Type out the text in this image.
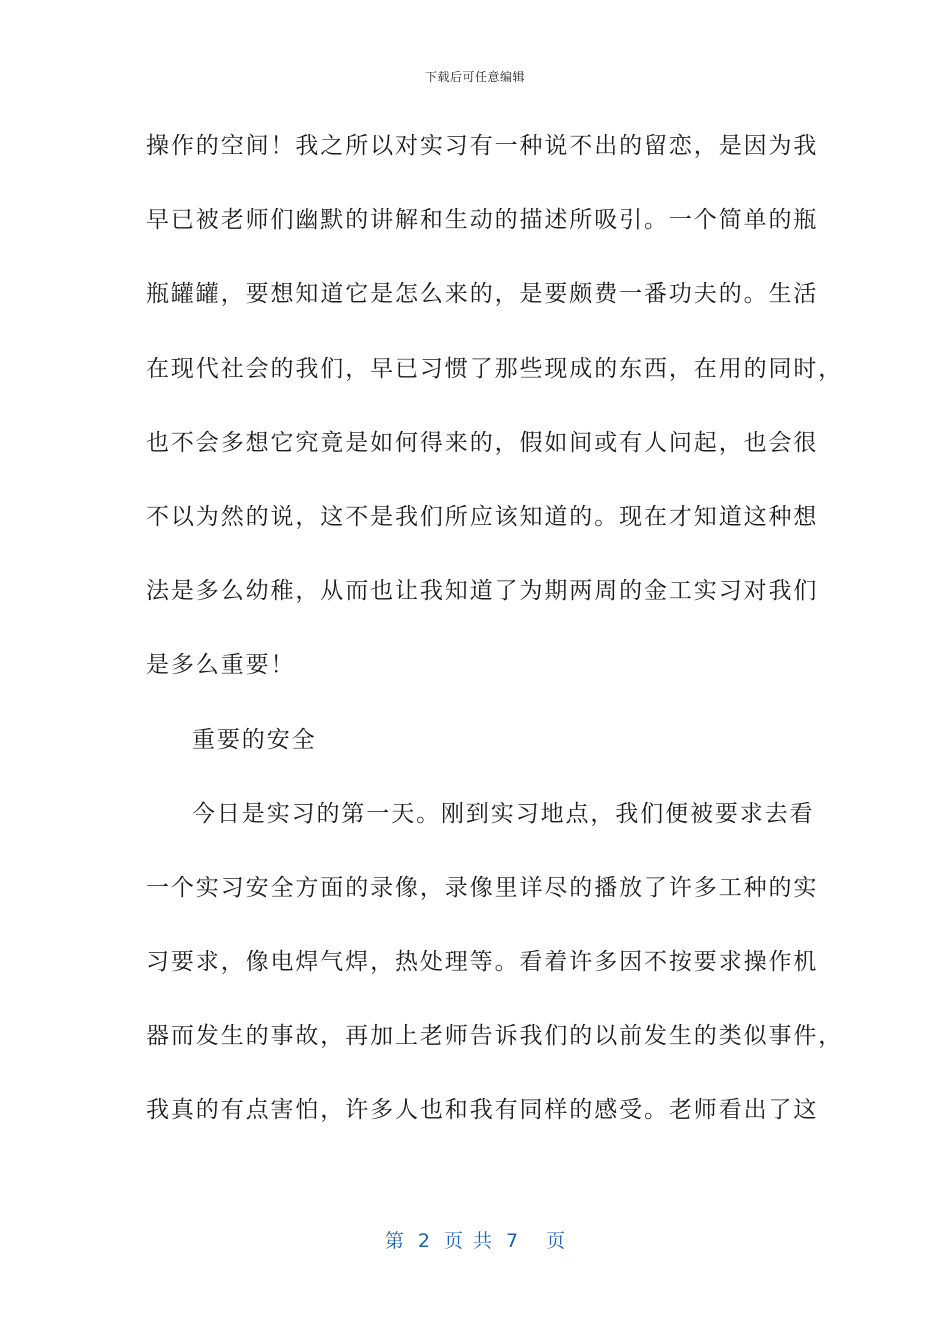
下载后可任意编辑
操作的空间！我之所以对实习有一种说不出的留恋，是因为我
早已被老师们幽默的讲解和生动的描述所吸引。一个简单的瓶
瓶罐罐，要想知道它是怎么来的，是要颇费一番功夫的。生活
在现代社会的我们，早已习惯了那些现成的东西，在用的同时，
也不会多想它究竟是如何得来的，假如间或有人问起，也会很
不以为然的说，这不是我们所应该知道的。现在才知道这种想
法是多么幼稚，从而也让我知道了为期两周的金工实习对我们
是多么重要！
重要的安全
今日是实习的第一天。刚到实习地点，我们便被要求去看
一个实习安全方面的录像，录像里详尽的播放了许多工种的实
习要求，像电焊气焊，热处理等。看着许多因不按要求操作机
器而发生的事故，再加上老师告诉我们的以前发生的类似事件，
我真的有点害怕，许多人也和我有同样的感受。老师看出了这
第 2 页 共 7 页
